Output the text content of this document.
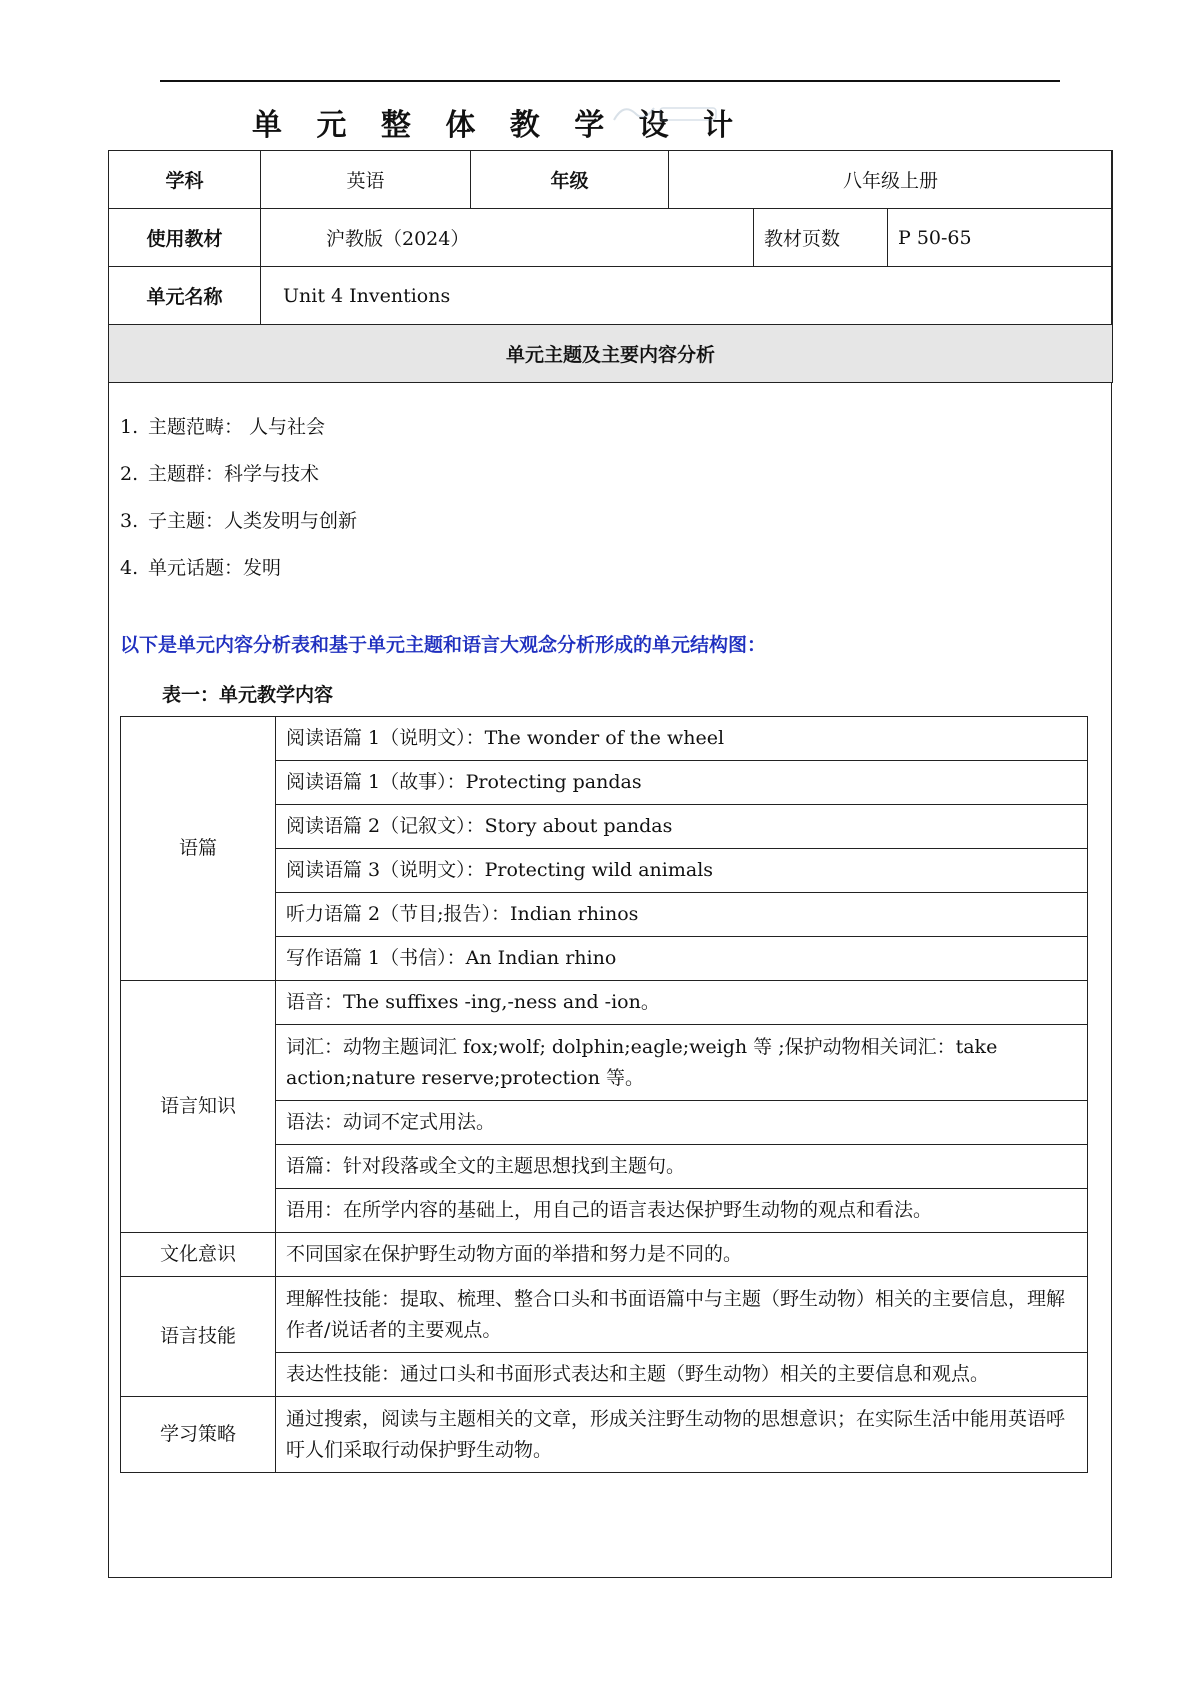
单 元 整 体 教 学 设 计
学科	英语	年级	八年级上册		
使用教材	沪教版（2024）			教材页数	P 50-65
单元名称	Unit 4 Inventions				
单元主题及主要内容分析					
1. 主题范畴： 人与社会
2. 主题群：科学与技术
3. 子主题：人类发明与创新
4. 单元话题：发明
以下是单元内容分析表和基于单元主题和语言大观念分析形成的单元结构图：
表一：单元教学内容
语篇	阅读语篇 1（说明文）：The wonder of the wheel
	阅读语篇 1（故事）：Protecting pandas
	阅读语篇 2（记叙文）：Story about pandas
	阅读语篇 3（说明文）：Protecting wild animals
	听力语篇 2（节目;报告）：Indian rhinos
	写作语篇 1（书信）：An Indian rhino
语言知识	语音：The suffixes -ing,-ness and -ion。
	词汇：动物主题词汇 fox;wolf; dolphin;eagle;weigh 等 ;保护动物相关词汇：take action;nature reserve;protection 等。
	语法：动词不定式用法。
	语篇：针对段落或全文的主题思想找到主题句。
	语用：在所学内容的基础上，用自己的语言表达保护野生动物的观点和看法。
文化意识	不同国家在保护野生动物方面的举措和努力是不同的。
语言技能	理解性技能：提取、梳理、整合口头和书面语篇中与主题（野生动物）相关的主要信息，理解作者/说话者的主要观点。
	表达性技能：通过口头和书面形式表达和主题（野生动物）相关的主要信息和观点。
学习策略	通过搜索，阅读与主题相关的文章，形成关注野生动物的思想意识；在实际生活中能用英语呼吁人们采取行动保护野生动物。
